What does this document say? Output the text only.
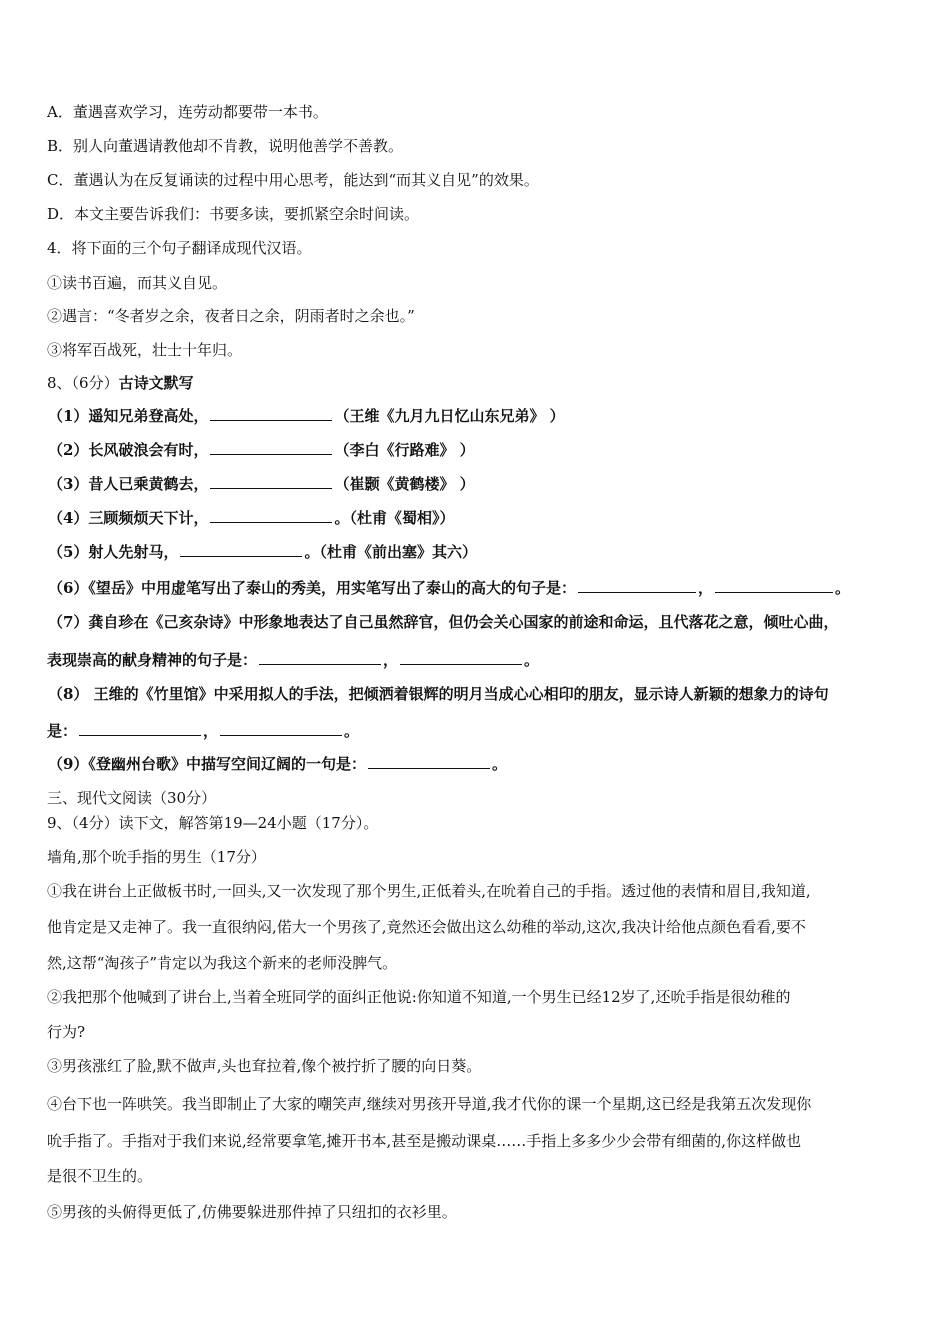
A．董遇喜欢学习，连劳动都要带一本书。
B．别人向董遇请教他却不肯教，说明他善学不善教。
C．董遇认为在反复诵读的过程中用心思考，能达到“而其义自见”的效果。
D．本文主要告诉我们：书要多读，要抓紧空余时间读。
4．将下面的三个句子翻译成现代汉语。
①读书百遍，而其义自见。
②遇言：“冬者岁之余，夜者日之余，阴雨者时之余也。”
③将军百战死，壮士十年归。
8、（6分）古诗文默写
（1）遥知兄弟登高处，	（王维《九月九日忆山东兄弟》 ）
（2）长风破浪会有时，	（李白《行路难》 ）
（3）昔人已乘黄鹤去，	（崔颢《黄鹤楼》 ）
（4）三顾频烦天下计，	。（杜甫《蜀相》）
（5）射人先射马，	。（杜甫《前出塞》其六）
（6）《望岳》中用虚笔写出了泰山的秀美，用实笔写出了泰山的高大的句子是：	，	。
（7）龚自珍在《己亥杂诗》中形象地表达了自己虽然辞官，但仍会关心国家的前途和命运，且代落花之意，倾吐心曲，
表现崇高的献身精神的句子是：	，	。
（8） 王维的《竹里馆》中采用拟人的手法，把倾洒着银辉的明月当成心心相印的朋友，显示诗人新颖的想象力的诗句
是：	，	。
（9）《登幽州台歌》中描写空间辽阔的一句是：	。
三、现代文阅读（30分）
9、（4分）读下文，解答第19—24小题（17分）。
墙角,那个吮手指的男生（17分）
①我在讲台上正做板书时,一回头,又一次发现了那个男生,正低着头,在吮着自己的手指。透过他的表情和眉目,我知道,
他肯定是又走神了。我一直很纳闷,偌大一个男孩了,竟然还会做出这么幼稚的举动,这次,我决计给他点颜色看看,要不
然,这帮“淘孩子”肯定以为我这个新来的老师没脾气。
②我把那个他喊到了讲台上,当着全班同学的面纠正他说:你知道不知道,一个男生已经12岁了,还吮手指是很幼稚的
行为?
③男孩涨红了脸,默不做声,头也耷拉着,像个被拧折了腰的向日葵。
④台下也一阵哄笑。我当即制止了大家的嘲笑声,继续对男孩开导道,我才代你的课一个星期,这已经是我第五次发现你
吮手指了。手指对于我们来说,经常要拿笔,摊开书本,甚至是搬动课桌……手指上多多少少会带有细菌的,你这样做也
是很不卫生的。
⑤男孩的头俯得更低了,仿佛要躲进那件掉了只纽扣的衣衫里。
